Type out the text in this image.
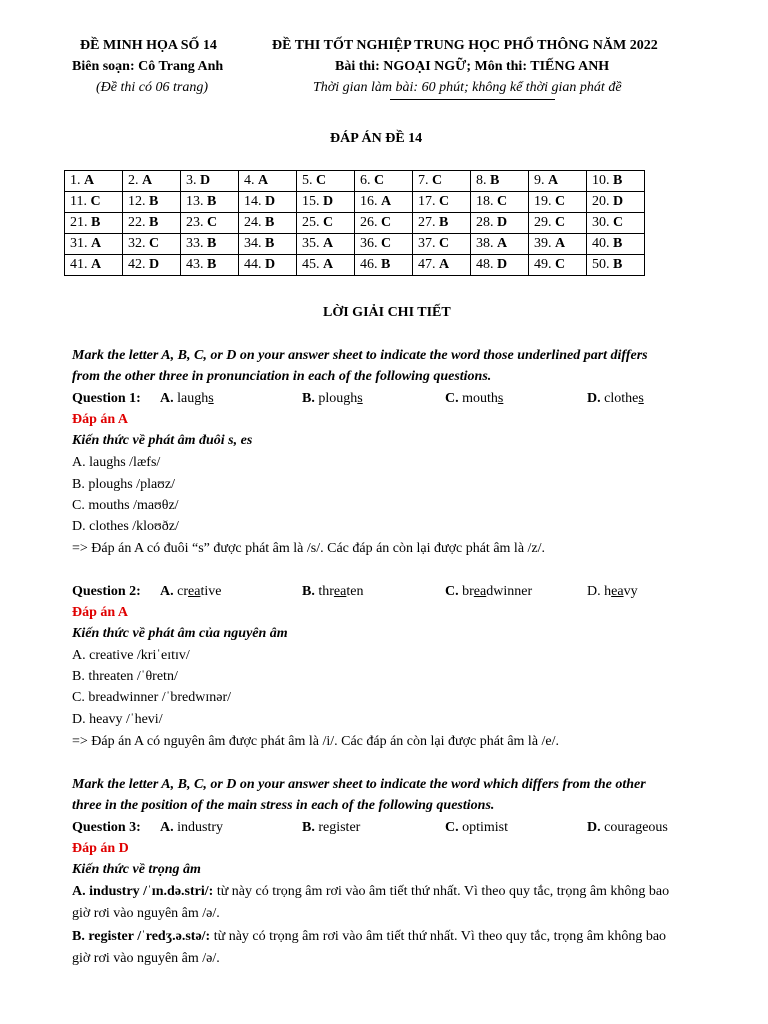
ĐỀ MINH HỌA SỐ 14
Biên soạn: Cô Trang Anh
(Đề thi có 06 trang)
ĐỀ THI TỐT NGHIỆP TRUNG HỌC PHỔ THÔNG NĂM 2022
Bài thi: NGOẠI NGỮ; Môn thi: TIẾNG ANH
Thời gian làm bài: 60 phút; không kể thời gian phát đề
ĐÁP ÁN ĐỀ 14
1. A	2. A	3. D	4. A	5. C	6. C	7. C	8. B	9. A	10. B
11. C	12. B	13. B	14. D	15. D	16. A	17. C	18. C	19. C	20. D
21. B	22. B	23. C	24. B	25. C	26. C	27. B	28. D	29. C	30. C
31. A	32. C	33. B	34. B	35. A	36. C	37. C	38. A	39. A	40. B
41. A	42. D	43. B	44. D	45. A	46. B	47. A	48. D	49. C	50. B
LỜI GIẢI CHI TIẾT
Mark the letter A, B, C, or D on your answer sheet to indicate the word those underlined part differs
from the other three in pronunciation in each of the following questions.
Question 1: A. laughs	B. ploughs	C. mouths	D. clothes
Đáp án A
Kiến thức về phát âm đuôi s, es
A. laughs /læfs/
B. ploughs /plaʊz/
C. mouths /maʊθz/
D. clothes /kloʊðz/
=> Đáp án A có đuôi “s” được phát âm là /s/. Các đáp án còn lại được phát âm là /z/.
Question 2: A. creative	B. threaten	C. breadwinner	D. heavy
Đáp án A
Kiến thức về phát âm của nguyên âm
A. creative /kriˈeɪtɪv/
B. threaten /ˈθretn/
C. breadwinner /ˈbredwɪnər/
D. heavy /ˈhevi/
=> Đáp án A có nguyên âm được phát âm là /i/. Các đáp án còn lại được phát âm là /e/.
Mark the letter A, B, C, or D on your answer sheet to indicate the word which differs from the other
three in the position of the main stress in each of the following questions.
Question 3: A. industry	B. register	C. optimist	D. courageous
Đáp án D
Kiến thức về trọng âm
A. industry /ˈɪn.də.stri/: từ này có trọng âm rơi vào âm tiết thứ nhất. Vì theo quy tắc, trọng âm không bao
giờ rơi vào nguyên âm /ə/.
B. register /ˈredʒ.ə.stə/: từ này có trọng âm rơi vào âm tiết thứ nhất. Vì theo quy tắc, trọng âm không bao
giờ rơi vào nguyên âm /ə/.
